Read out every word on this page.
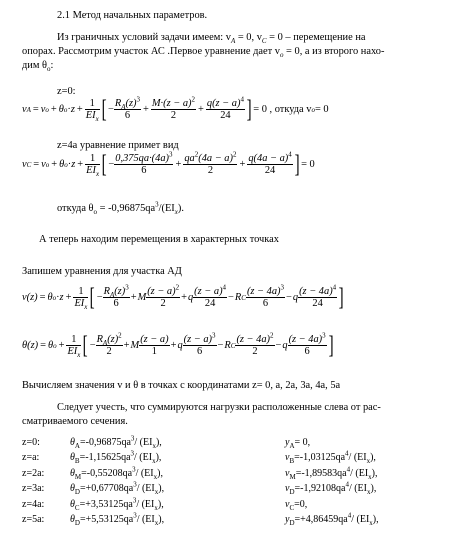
2.1 Метод начальных параметров.
Из граничных условий задачи имеем: $v_A = 0$, $v_C = 0$ – перемещение на
опорах. Рассмотрим участок АС .Первое уравнение дает $v_o = 0$, а из второго нахо-
дим $\theta_о$:
z=0:
v A = v o + θ $o \cdot z + \frac{1}{EI_x}$ [ − $\frac{R_A(z)^3}{6} + \frac{M\cdot(z - a)^2}{2} + \frac{q(z - a)^4}{24}$ ] = 0 , откуда v o = 0
z=4a уравнение примет вид
v C = v o + θ $o \cdot z + \frac{1}{EI_x}$ [ − $\frac{0,375qa\cdot(4a)^3}{6} + \frac{qa^2(4a - a)^2}{2} + \frac{q(4a - a)^4}{24}$ ] = 0
откуда $\theta_о = -0,96875qa^3/(EI_x)$.
А теперь находим перемещения в характерных точках
Запишем уравнения для участка АД
v(z) = θ $o \cdot z + \frac{1}{EI_x}$ [ − $\frac{R_A(z)^3}{6} + M \frac{(z - a)^2}{2} + q \frac{(z - a)^4}{24} - R$ C $\frac{(z - 4a)^3}{6} - q \frac{(z - 4a)^4}{24}$ ]
θ(z) = θ $o + \frac{1}{EI_x}$ [ − $\frac{R_A(z)^2}{2} + M \frac{(z - a)}{1} + q \frac{(z - a)^3}{6} - R$ C $\frac{(z - 4a)^2}{2} - q \frac{(z - 4a)^3}{6}$ ]
Вычисляем значения v и θ в точках с координатами z= 0, a, 2a, 3a, 4a, 5a
Следует учесть, что суммируются нагрузки расположенные слева от рас-
сматриваемого сечения.
z=0:	$\theta_A=-0,96875qa^3/$ $(EI_x)$,	$y_A= 0$,
z=a:	$\theta_B=-1,15625qa^3/$ $(EI_x)$,	$v_B=-1,03125qa^4/$ $(EI_x)$,
z=2a:	$\theta_M=-0,55208qa^3/$ $(EI_x)$,	$v_M=-1,89583qa^4/$ $(EI_x)$,
z=3a:	$\theta_D=+0,67708qa^3/$ $(EI_x)$,	$v_D=-1,92108qa^4/$ $(EI_x)$,
z=4a:	$\theta_C=+3,53125qa^3/$ $(EI_x)$,	$v_C=0$,
z=5a:	$\theta_D=+5,53125qa^3/$ $(EI_x)$,	$y_D=+4,86459qa^4/$ $(EI_x)$,
